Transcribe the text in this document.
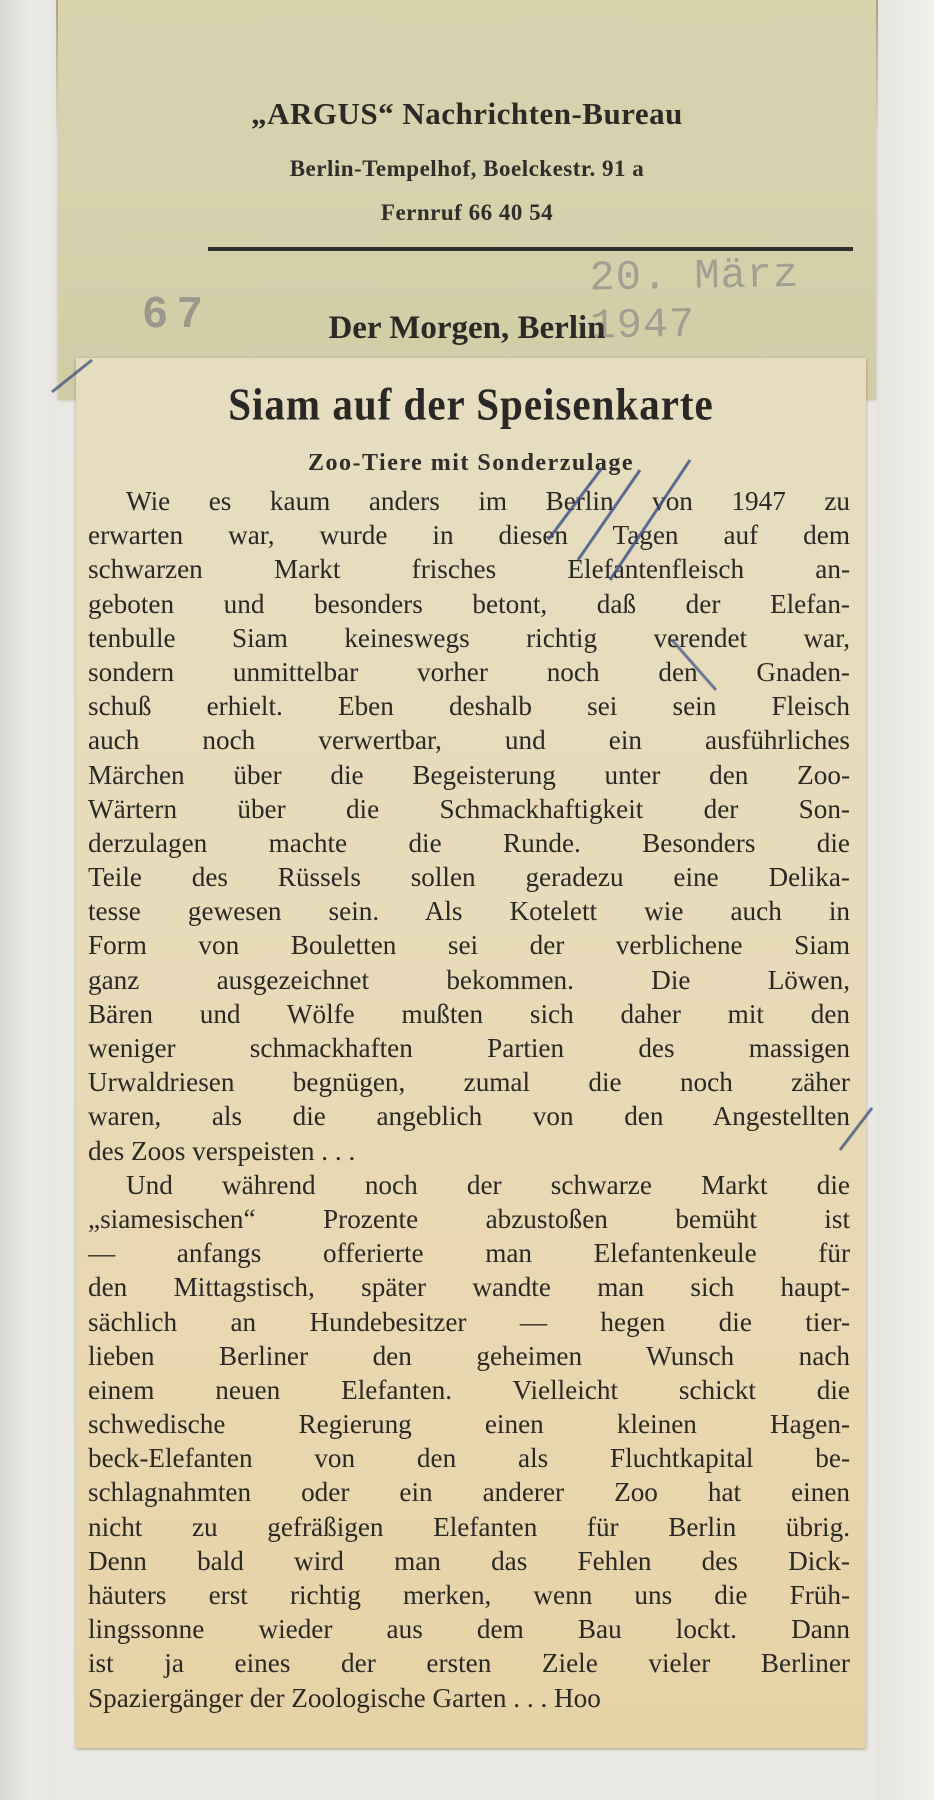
„ARGUS“ Nachrichten-Bureau
Berlin-Tempelhof, Boelckestr. 91 a
Fernruf 66 40 54
67
20. März 1947
Der Morgen, Berlin
Siam auf der Speisenkarte
Zoo-Tiere mit Sonderzulage
Wie es kaum anders im Berlin von 1947 zu
erwarten war, wurde in diesen Tagen auf dem
schwarzen Markt frisches Elefantenfleisch an-
geboten und besonders betont, daß der Elefan-
tenbulle Siam keineswegs richtig verendet war,
sondern unmittelbar vorher noch den Gnaden-
schuß erhielt. Eben deshalb sei sein Fleisch
auch noch verwertbar, und ein ausführliches
Märchen über die Begeisterung unter den Zoo-
Wärtern über die Schmackhaftigkeit der Son-
derzulagen machte die Runde. Besonders die
Teile des Rüssels sollen geradezu eine Delika-
tesse gewesen sein. Als Kotelett wie auch in
Form von Bouletten sei der verblichene Siam
ganz ausgezeichnet bekommen. Die Löwen,
Bären und Wölfe mußten sich daher mit den
weniger schmackhaften Partien des massigen
Urwaldriesen begnügen, zumal die noch zäher
waren, als die angeblich von den Angestellten
des Zoos verspeisten . . .
Und während noch der schwarze Markt die
„siamesischen“ Prozente abzustoßen bemüht ist
— anfangs offerierte man Elefantenkeule für
den Mittagstisch, später wandte man sich haupt-
sächlich an Hundebesitzer — hegen die tier-
lieben Berliner den geheimen Wunsch nach
einem neuen Elefanten. Vielleicht schickt die
schwedische Regierung einen kleinen Hagen-
beck-Elefanten von den als Fluchtkapital be-
schlagnahmten oder ein anderer Zoo hat einen
nicht zu gefräßigen Elefanten für Berlin übrig.
Denn bald wird man das Fehlen des Dick-
häuters erst richtig merken, wenn uns die Früh-
lingssonne wieder aus dem Bau lockt. Dann
ist ja eines der ersten Ziele vieler Berliner
Spaziergänger der Zoologische Garten . . . Hoo
